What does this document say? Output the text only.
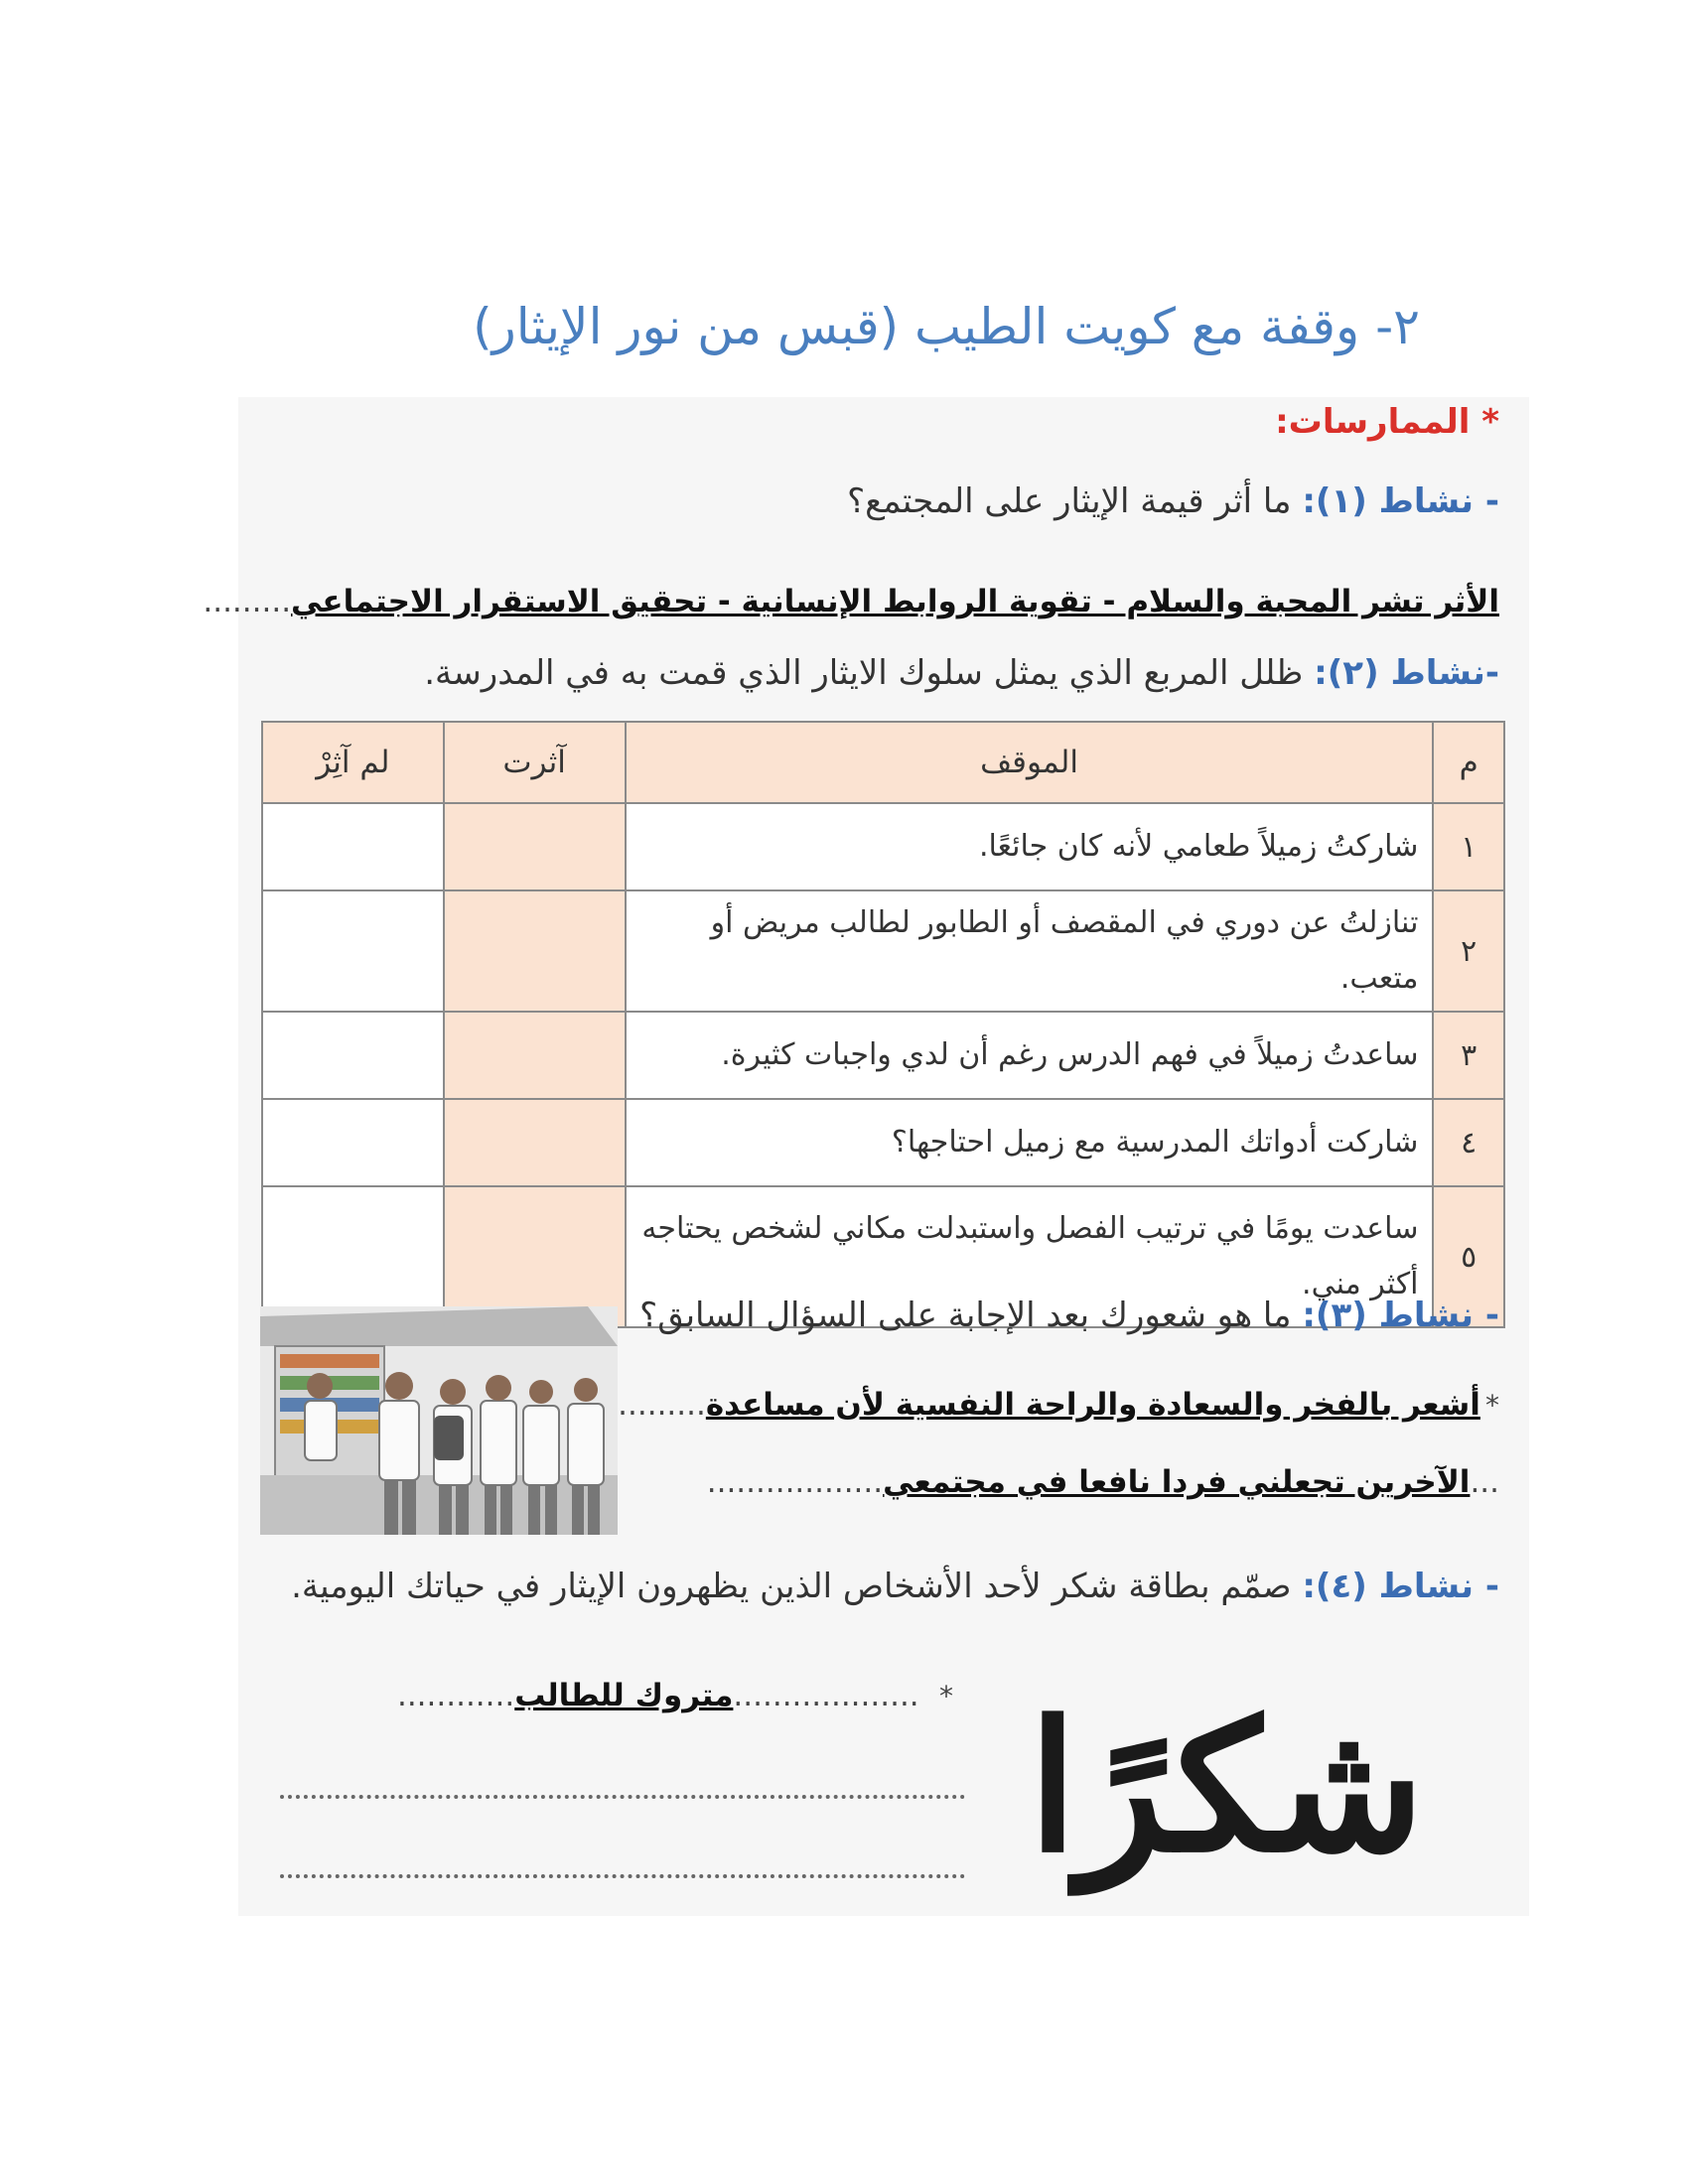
٢- وقفة مع كويت الطيب (قبس من نور الإيثار)
* الممارسات:
- نشاط (١): ما أثر قيمة الإيثار على المجتمع؟
الأثر تشر المحبة والسلام - تقوية الروابط الإنسانية - تحقيق الاستقرار الاجتماعي.........
-نشاط (٢): ظلل المربع الذي يمثل سلوك الايثار الذي قمت به في المدرسة.
م	الموقف	آثرت	لم آثِرْ
١	شاركتُ زميلاً طعامي لأنه كان جائعًا.		
٢	تنازلتُ عن دوري في المقصف أو الطابور لطالب مريض أو متعب.		
٣	ساعدتُ زميلاً في فهم الدرس رغم أن لدي واجبات كثيرة.		
٤	شاركت أدواتك المدرسية مع زميل احتاجها؟		
٥	ساعدت يومًا في ترتيب الفصل واستبدلت مكاني لشخص يحتاجه أكثر مني.		
- نشاط (٣): ما هو شعورك بعد الإجابة على السؤال السابق؟
* أشعر بالفخر والسعادة والراحة النفسية لأن مساعدة.........
...الآخرين تجعلني فردا نافعا في مجتمعي..................
- نشاط (٤): صمّم بطاقة شكر لأحد الأشخاص الذين يظهرون الإيثار في حياتك اليومية.
*    ...................متروك للطالب............	شكرًا
